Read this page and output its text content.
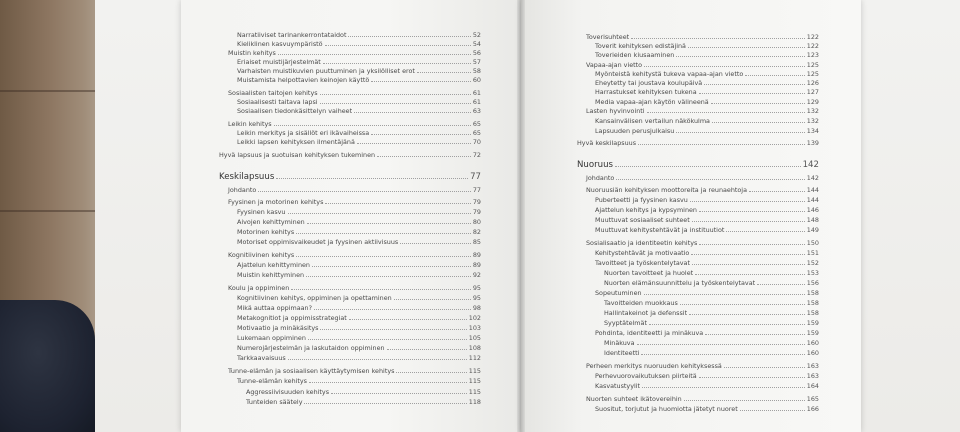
Narratiiviset tarinankerrontataidot	52
Kieliklinen kasvuympäristö	54
Muistin kehitys	56
Eriaiset muistijärjestelmät	57
Varhaisten muistikuvien puuttuminen ja yksilölliset erot	58
Muistamista helpottavien keinojen käyttö	60
Sosiaalisten taitojen kehitys	61
Sosiaalisesti taitava lapsi	61
Sosiaalisen tiedonkäsittelyn vaiheet	63
Leikin kehitys	65
Leikin merkitys ja sisällöt eri ikävaiheissa	65
Leikki lapsen kehityksen ilmentäjänä	70
Hyvä lapsuus ja suotuisan kehityksen tukeminen	72
Keskilapsuus	77
Johdanto	77
Fyysinen ja motorinen kehitys	79
Fyysinen kasvu	79
Aivojen kehittyminen	80
Motorinen kehitys	82
Motoriset oppimisvaikeudet ja fyysinen aktiivisuus	85
Kognitiivinen kehitys	89
Ajattelun kehittyminen	89
Muistin kehittyminen	92
Koulu ja oppiminen	95
Kognitiivinen kehitys, oppiminen ja opettaminen	95
Mikä auttaa oppimaan?	98
Metakognitiot ja oppimisstrategiat	102
Motivaatio ja minäkäsitys	103
Lukemaan oppiminen	105
Numerojärjestelmän ja laskutaidon oppiminen	108
Tarkkaavaisuus	112
Tunne-elämän ja sosiaalisen käyttäytymisen kehitys	115
Tunne-elämän kehitys	115
Aggressiivisuuden kehitys	115
Tunteiden säätely	118
Toverisuhteet	122
Toverit kehityksen edistäjinä	122
Toverieiden kiusaaminen	123
Vapaa-ajan vietto	125
Myönteistä kehitystä tukeva vapaa-ajan vietto	125
Eheytetty tai joustava koulupäivä	126
Harrastukset kehityksen tukena	127
Media vapaa-ajan käytön välineenä	129
Lasten hyvinvointi	132
Kansainvälisen vertailun näkökulma	132
Lapsuuden perusjulkaisu	134
Hyvä keskilapsuus	139
Nuoruus	142
Johdanto	142
Nuoruusiän kehityksen moottoreita ja reunaehtoja	144
Puberteetti ja fyysinen kasvu	144
Ajattelun kehitys ja kypsyminen	146
Muuttuvat sosiaaliset suhteet	148
Muuttuvat kehitystehtävät ja instituutiot	149
Sosialisaatio ja identiteetin kehitys	150
Kehitystehtävät ja motivaatio	151
Tavoitteet ja työskentelytavat	152
Nuorten tavoitteet ja huolet	153
Nuorten elämänsuunnittelu ja työskentelytavat	156
Sopeutuminen	158
Tavoitteiden muokkaus	158
Hallintakeinot ja defenssit	158
Syyptätelmät	159
Pohdinta, identiteetti ja minäkuva	159
Minäkuva	160
Identiteetti	160
Perheen merkitys nuoruuden kehityksessä	163
Perhevuorovaikutuksen piirteitä	163
Kasvatustyylit	164
Nuorten suhteet ikätovereihin	165
Suositut, torjutut ja huomiotta jätetyt nuoret	166
